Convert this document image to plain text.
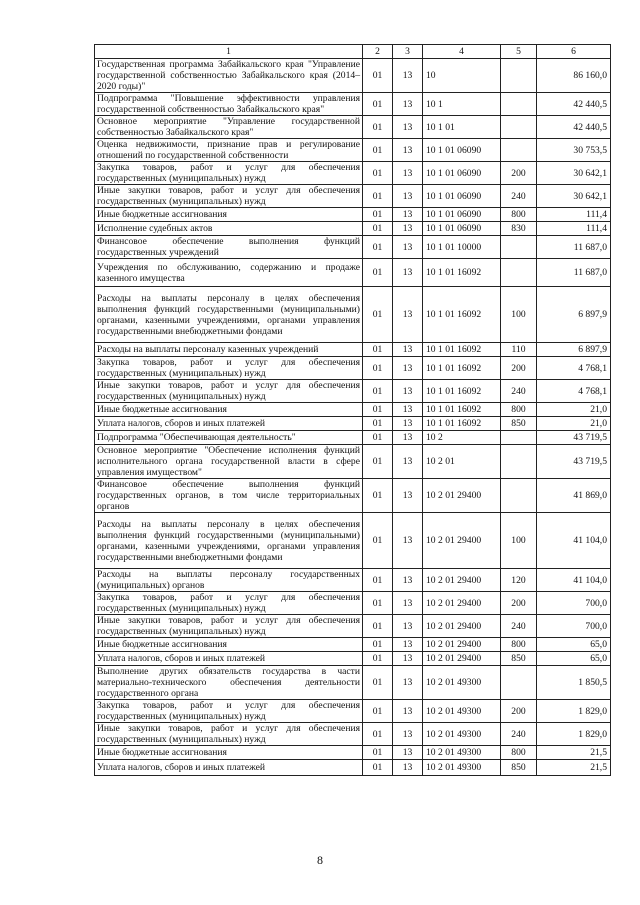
1	2	3	4	5	6
Государственная программа Забайкальского края "Управление государственной собственностью Забайкальского края (2014–2020 годы)"	01	13	10		86 160,0
Подпрограмма "Повышение эффективности управления государственной собственностью Забайкальского края"	01	13	10 1		42 440,5
Основное мероприятие "Управление государственной собственностью Забайкальского края"	01	13	10 1 01		42 440,5
Оценка недвижимости, признание прав и регулирование отношений по государственной собственности	01	13	10 1 01 06090		30 753,5
Закупка товаров, работ и услуг для обеспечения государственных (муниципальных) нужд	01	13	10 1 01 06090	200	30 642,1
Иные закупки товаров, работ и услуг для обеспечения государственных (муниципальных) нужд	01	13	10 1 01 06090	240	30 642,1
Иные бюджетные ассигнования	01	13	10 1 01 06090	800	111,4
Исполнение судебных актов	01	13	10 1 01 06090	830	111,4
Финансовое обеспечение выполнения функций государственных учреждений	01	13	10 1 01 10000		11 687,0
Учреждения по обслуживанию, содержанию и продаже казенного имущества	01	13	10 1 01 16092		11 687,0
Расходы на выплаты персоналу в целях обеспечения выполнения функций государственными (муниципальными) органами, казенными учреждениями, органами управления государственными внебюджетными фондами	01	13	10 1 01 16092	100	6 897,9
Расходы на выплаты персоналу казенных учреждений	01	13	10 1 01 16092	110	6 897,9
Закупка товаров, работ и услуг для обеспечения государственных (муниципальных) нужд	01	13	10 1 01 16092	200	4 768,1
Иные закупки товаров, работ и услуг для обеспечения государственных (муниципальных) нужд	01	13	10 1 01 16092	240	4 768,1
Иные бюджетные ассигнования	01	13	10 1 01 16092	800	21,0
Уплата налогов, сборов и иных платежей	01	13	10 1 01 16092	850	21,0
Подпрограмма "Обеспечивающая деятельность"	01	13	10 2		43 719,5
Основное мероприятие "Обеспечение исполнения функций исполнительного органа государственной власти в сфере управления имуществом"	01	13	10 2 01		43 719,5
Финансовое обеспечение выполнения функций государственных органов, в том числе территориальных органов	01	13	10 2 01 29400		41 869,0
Расходы на выплаты персоналу в целях обеспечения выполнения функций государственными (муниципальными) органами, казенными учреждениями, органами управления государственными внебюджетными фондами	01	13	10 2 01 29400	100	41 104,0
Расходы на выплаты персоналу государственных (муниципальных) органов	01	13	10 2 01 29400	120	41 104,0
Закупка товаров, работ и услуг для обеспечения государственных (муниципальных) нужд	01	13	10 2 01 29400	200	700,0
Иные закупки товаров, работ и услуг для обеспечения государственных (муниципальных) нужд	01	13	10 2 01 29400	240	700,0
Иные бюджетные ассигнования	01	13	10 2 01 29400	800	65,0
Уплата налогов, сборов и иных платежей	01	13	10 2 01 29400	850	65,0
Выполнение других обязательств государства в части материально-технического обеспечения деятельности государственного органа	01	13	10 2 01 49300		1 850,5
Закупка товаров, работ и услуг для обеспечения государственных (муниципальных) нужд	01	13	10 2 01 49300	200	1 829,0
Иные закупки товаров, работ и услуг для обеспечения государственных (муниципальных) нужд	01	13	10 2 01 49300	240	1 829,0
Иные бюджетные ассигнования	01	13	10 2 01 49300	800	21,5
Уплата налогов, сборов и иных платежей	01	13	10 2 01 49300	850	21,5
8
